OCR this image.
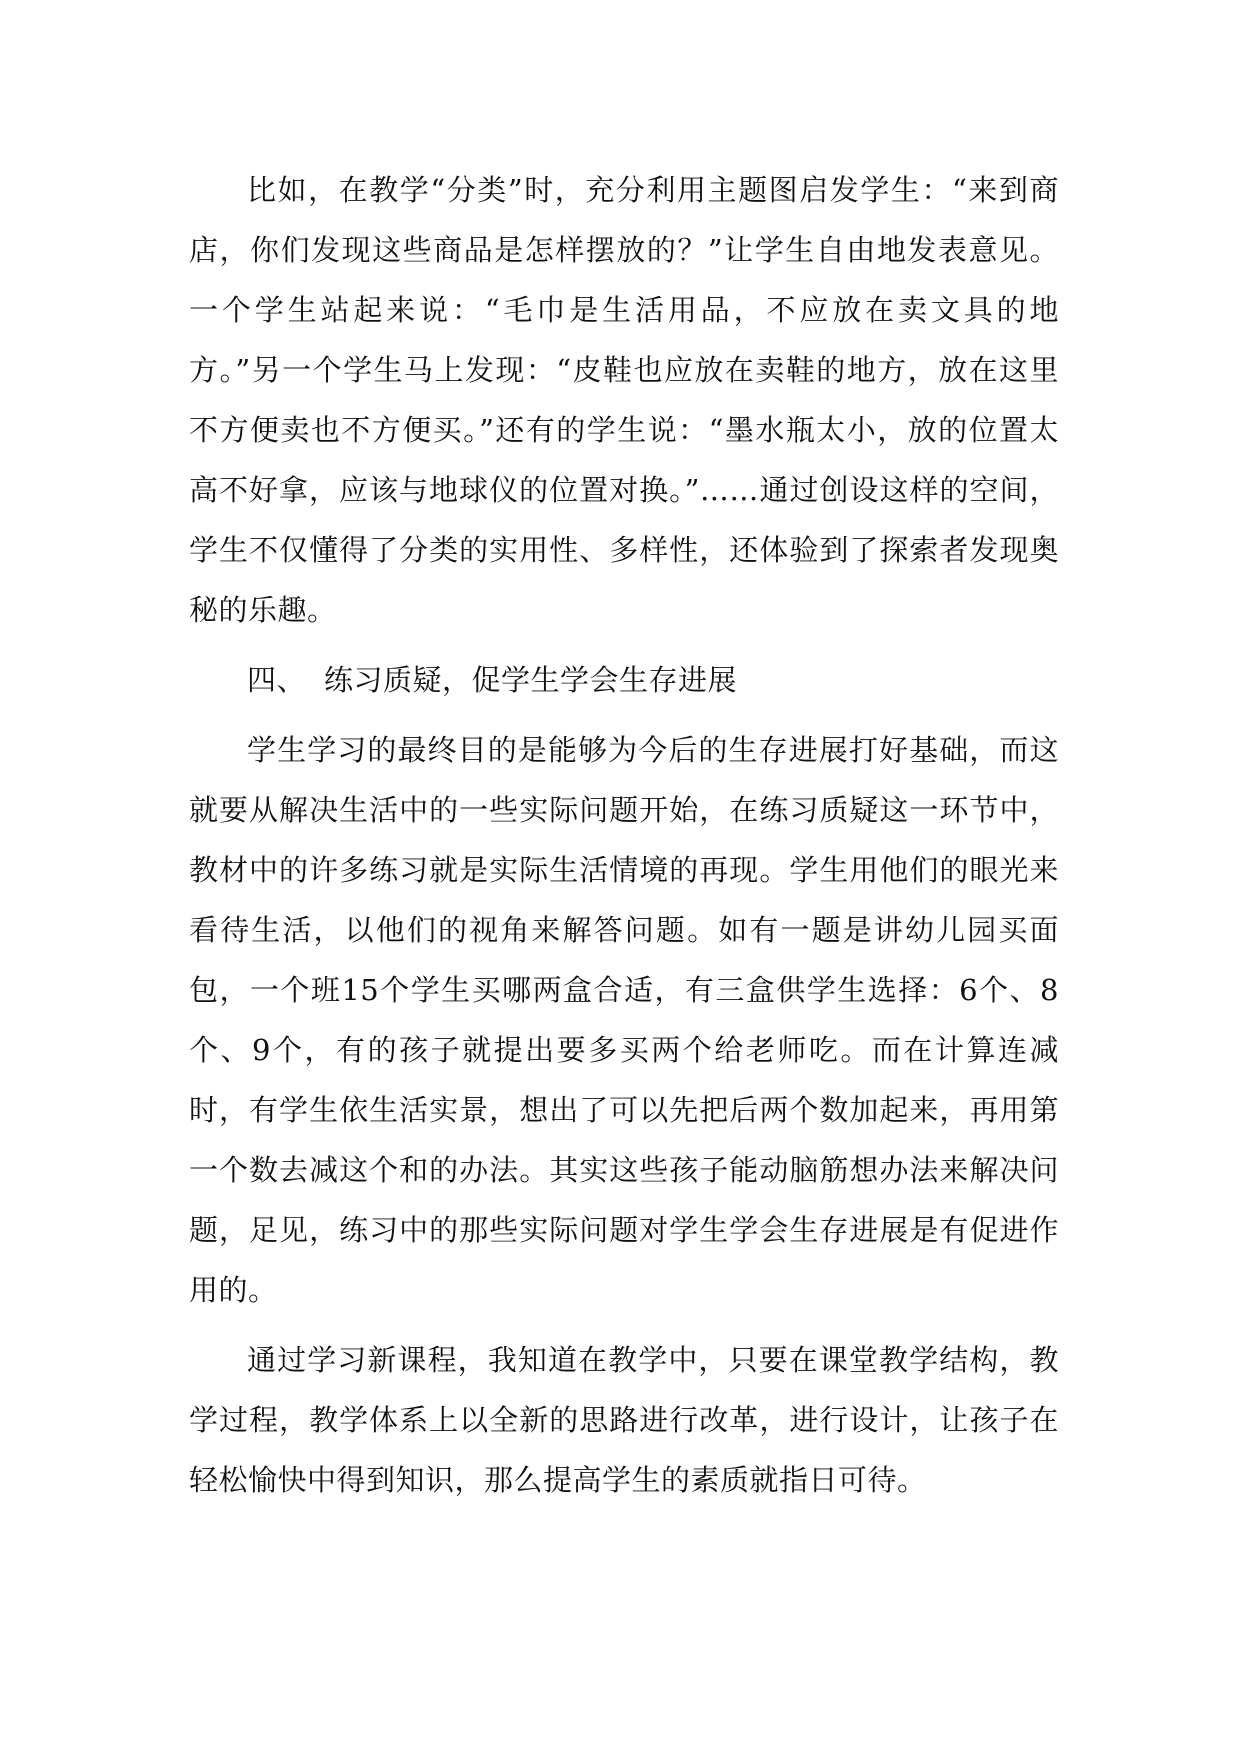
比如，在教学“分类”时，充分利用主题图启发学生：“来到商店，你们发现这些商品是怎样摆放的？”让学生自由地发表意见。一个学生站起来说：“毛巾是生活用品，不应放在卖文具的地方。”另一个学生马上发现：“皮鞋也应放在卖鞋的地方，放在这里不方便卖也不方便买。”还有的学生说：“墨水瓶太小，放的位置太高不好拿，应该与地球仪的位置对换。”……通过创设这样的空间，学生不仅懂得了分类的实用性、多样性，还体验到了探索者发现奥秘的乐趣。

四、 练习质疑，促学生学会生存进展

学生学习的最终目的是能够为今后的生存进展打好基础，而这就要从解决生活中的一些实际问题开始，在练习质疑这一环节中，教材中的许多练习就是实际生活情境的再现。学生用他们的眼光来看待生活，以他们的视角来解答问题。如有一题是讲幼儿园买面包，一个班15个学生买哪两盒合适，有三盒供学生选择：6个、8个、9个，有的孩子就提出要多买两个给老师吃。而在计算连减时，有学生依生活实景，想出了可以先把后两个数加起来，再用第一个数去减这个和的办法。其实这些孩子能动脑筋想办法来解决问题，足见，练习中的那些实际问题对学生学会生存进展是有促进作用的。

通过学习新课程，我知道在教学中，只要在课堂教学结构，教学过程，教学体系上以全新的思路进行改革，进行设计，让孩子在轻松愉快中得到知识，那么提高学生的素质就指日可待。
